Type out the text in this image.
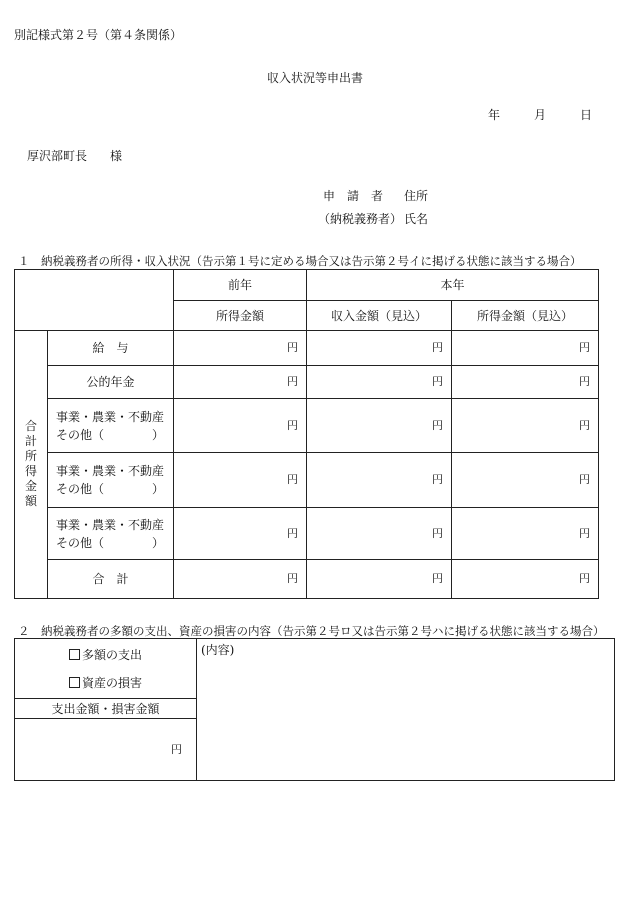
別記様式第２号（第４条関係）
収入状況等申出書
年	月	日
厚沢部町長 様
申　請　者 住所
（納税義務者） 氏名
１　納税義務者の所得・収入状況（告示第１号に定める場合又は告示第２号イに掲げる状態に該当する場合）
		前年	本年	
		所得金額	収入金額（見込）	所得金額（見込）
合計所得金額	給　与	円	円	円
	公的年金	円	円	円

	事業・農業・不動産
その他（　　　　）	円	円	円

	事業・農業・不動産
その他（　　　　）	円	円	円

	事業・農業・不動産
その他（　　　　）	円	円	円
	合　計	円	円	円
２　納税義務者の多額の支出、資産の損害の内容（告示第２号ロ又は告示第２号ハに掲げる状態に該当する場合）
多額の支出
資産の損害
	(内容)
支出金額・損害金額
円
